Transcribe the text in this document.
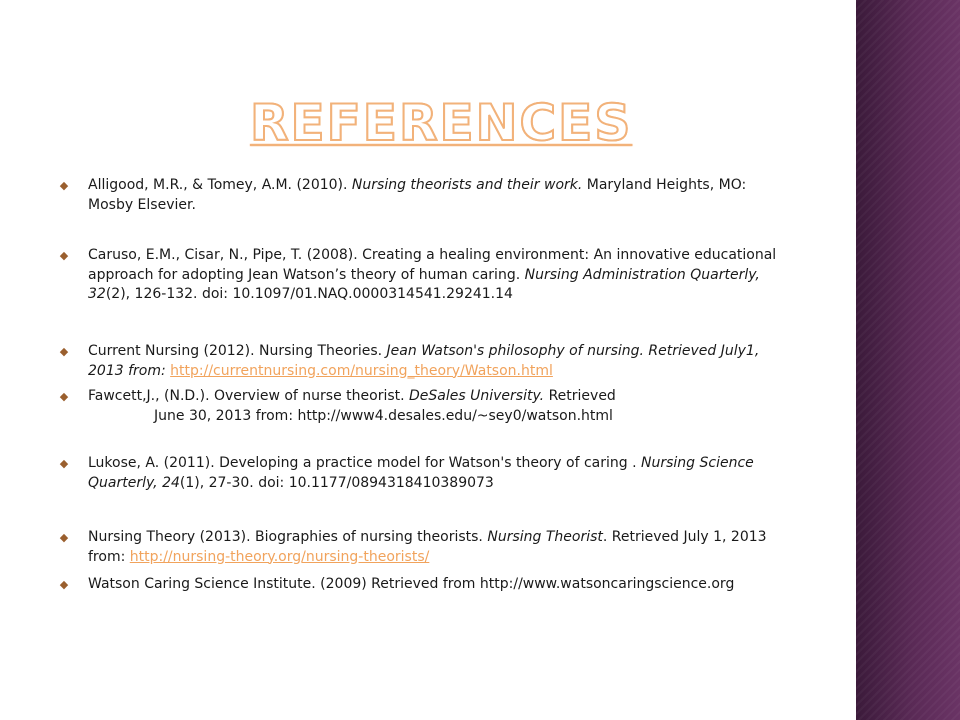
REFERENCES
◆ Alligood, M.R., & Tomey, A.M. (2010). Nursing theorists and their work. Maryland Heights, MO: Mosby Elsevier.
◆ Caruso, E.M., Cisar, N., Pipe, T. (2008). Creating a healing environment: An innovative educational approach for adopting Jean Watson’s theory of human caring. Nursing Administration Quarterly, 32(2), 126-132. doi: 10.1097/01.NAQ.0000314541.29241.14
◆ Current Nursing (2012). Nursing Theories. Jean Watson's philosophy of nursing. Retrieved July1, 2013 from: http://currentnursing.com/nursing_theory/Watson.html
◆ Fawcett,J., (N.D.). Overview of nurse theorist. DeSales University. Retrieved
June 30, 2013 from: http://www4.desales.edu/~sey0/watson.html
◆ Lukose, A. (2011). Developing a practice model for Watson's theory of caring . Nursing Science Quarterly, 24(1), 27-30. doi: 10.1177/0894318410389073
◆ Nursing Theory (2013). Biographies of nursing theorists. Nursing Theorist. Retrieved July 1, 2013 from: http://nursing-theory.org/nursing-theorists/
◆ Watson Caring Science Institute. (2009) Retrieved from http://www.watsoncaringscience.org
